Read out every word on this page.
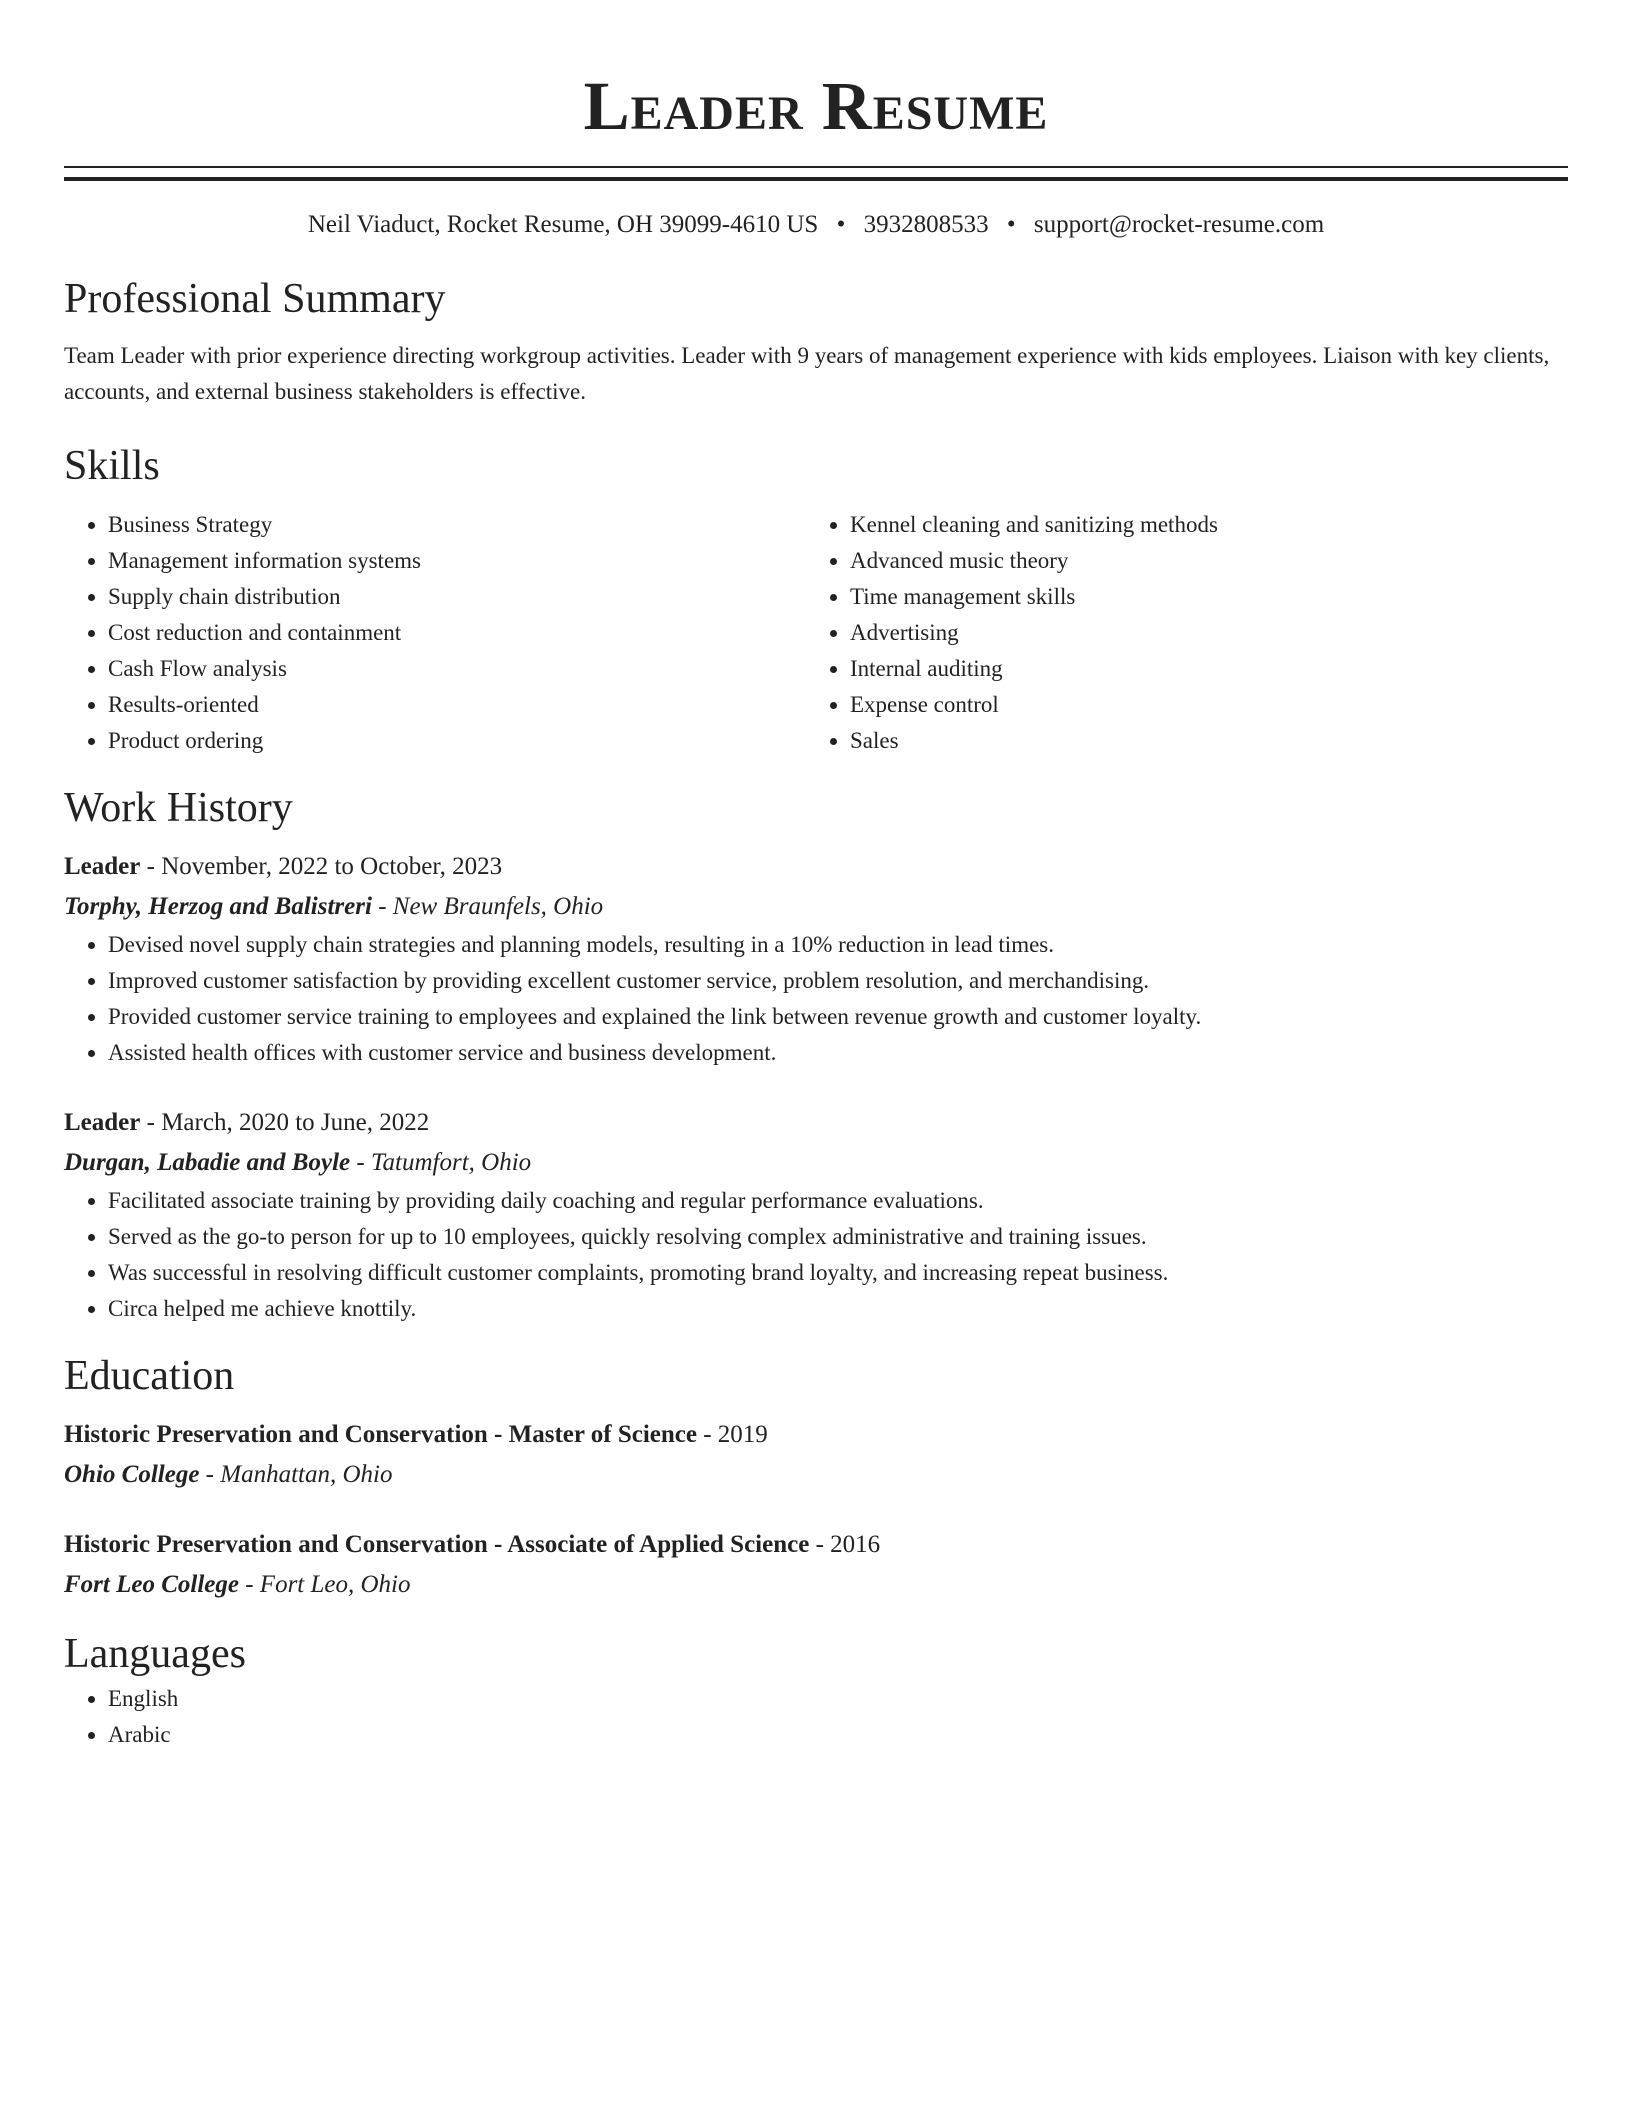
Leader Resume
Neil Viaduct, Rocket Resume, OH 39099-4610 US • 3932808533 • support@rocket-resume.com
Professional Summary

Team Leader with prior experience directing workgroup activities. Leader with 9 years of management experience with kids employees. Liaison with key clients, accounts, and external business stakeholders is effective.

Skills
• Business Strategy
• Management information systems
• Supply chain distribution
• Cost reduction and containment
• Cash Flow analysis
• Results-oriented
• Product ordering
• Kennel cleaning and sanitizing methods
• Advanced music theory
• Time management skills
• Advertising
• Internal auditing
• Expense control
• Sales
Work History
Leader - November, 2022 to October, 2023
Torphy, Herzog and Balistreri - New Braunfels, Ohio
• Devised novel supply chain strategies and planning models, resulting in a 10% reduction in lead times.
• Improved customer satisfaction by providing excellent customer service, problem resolution, and merchandising.
• Provided customer service training to employees and explained the link between revenue growth and customer loyalty.
• Assisted health offices with customer service and business development.
Leader - March, 2020 to June, 2022
Durgan, Labadie and Boyle - Tatumfort, Ohio
• Facilitated associate training by providing daily coaching and regular performance evaluations.
• Served as the go-to person for up to 10 employees, quickly resolving complex administrative and training issues.
• Was successful in resolving difficult customer complaints, promoting brand loyalty, and increasing repeat business.
• Circa helped me achieve knottily.
Education
Historic Preservation and Conservation - Master of Science - 2019
Ohio College - Manhattan, Ohio
Historic Preservation and Conservation - Associate of Applied Science - 2016
Fort Leo College - Fort Leo, Ohio
Languages
• English
• Arabic
